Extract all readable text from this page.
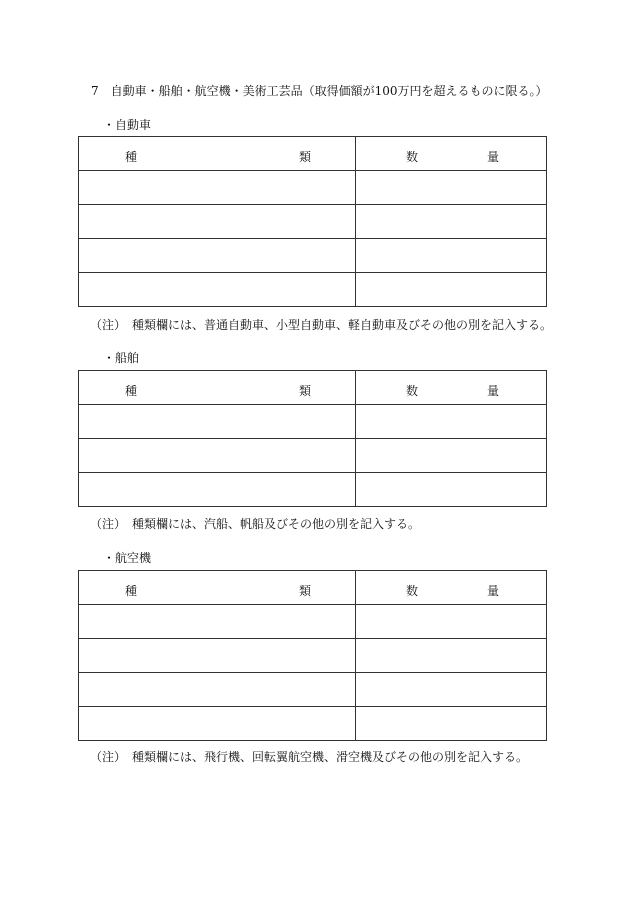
7　自動車・船舶・航空機・美術工芸品（取得価額が100万円を超えるものに限る。）
・自動車
種 類	数 量

（注）　種類欄には、普通自動車、小型自動車、軽自動車及びその他の別を記入する。
・船舶
種 類	数 量

（注）　種類欄には、汽船、帆船及びその他の別を記入する。
・航空機
種 類	数 量

（注）　種類欄には、飛行機、回転翼航空機、滑空機及びその他の別を記入する。
